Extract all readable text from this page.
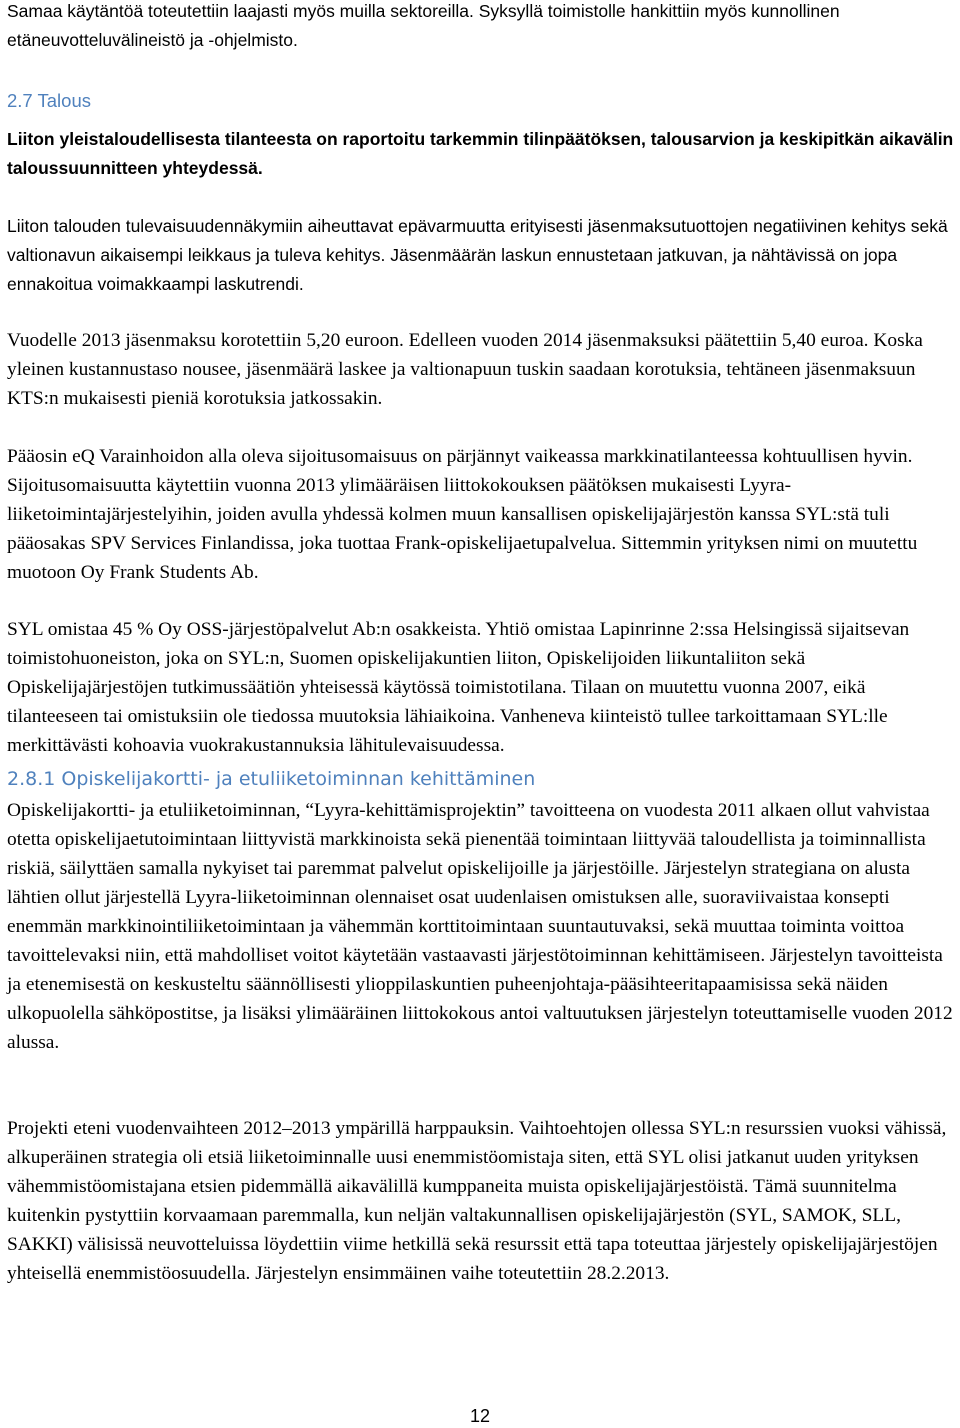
Samaa käytäntöä toteutettiin laajasti myös muilla sektoreilla. Syksyllä toimistolle hankittiin myös kunnollinen etäneuvotteluvälineistö ja -ohjelmisto.

2.7 Talous

Liiton yleistaloudellisesta tilanteesta on raportoitu tarkemmin tilinpäätöksen, talousarvion ja keskipitkän aikavälin taloussuunnitteen yhteydessä.

Liiton talouden tulevaisuudennäkymiin aiheuttavat epävarmuutta erityisesti jäsenmaksutuottojen negatiivinen kehitys sekä valtionavun aikaisempi leikkaus ja tuleva kehitys. Jäsenmäärän laskun ennustetaan jatkuvan, ja nähtävissä on jopa ennakoitua voimakkaampi laskutrendi.

Vuodelle 2013 jäsenmaksu korotettiin 5,20 euroon. Edelleen vuoden 2014 jäsenmaksuksi päätettiin 5,40 euroa. Koska yleinen kustannustaso nousee, jäsenmäärä laskee ja valtionapuun tuskin saadaan korotuksia, tehtäneen jäsenmaksuun KTS:n mukaisesti pieniä korotuksia jatkossakin.

Pääosin eQ Varainhoidon alla oleva sijoitusomaisuus on pärjännyt vaikeassa markkinatilanteessa kohtuullisen hyvin. Sijoitusomaisuutta käytettiin vuonna 2013 ylimääräisen liittokokouksen päätöksen mukaisesti Lyyra-liiketoimintajärjestelyihin, joiden avulla yhdessä kolmen muun kansallisen opiskelijajärjestön kanssa SYL:stä tuli pääosakas SPV Services Finlandissa, joka tuottaa Frank-opiskelijaetupalvelua. Sittemmin yrityksen nimi on muutettu muotoon Oy Frank Students Ab.

SYL omistaa 45 % Oy OSS-järjestöpalvelut Ab:n osakkeista. Yhtiö omistaa Lapinrinne 2:ssa Helsingissä sijaitsevan toimistohuoneiston, joka on SYL:n, Suomen opiskelijakuntien liiton, Opiskelijoiden liikuntaliiton sekä Opiskelijajärjestöjen tutkimussäätiön yhteisessä käytössä toimistotilana. Tilaan on muutettu vuonna 2007, eikä tilanteeseen tai omistuksiin ole tiedossa muutoksia lähiaikoina. Vanheneva kiinteistö tullee tarkoittamaan SYL:lle merkittävästi kohoavia vuokrakustannuksia lähitulevaisuudessa.

2.8.1 Opiskelijakortti- ja etuliiketoiminnan kehittäminen

Opiskelijakortti- ja etuliiketoiminnan, “Lyyra-kehittämisprojektin” tavoitteena on vuodesta 2011 alkaen ollut vahvistaa otetta opiskelijaetutoimintaan liittyvistä markkinoista sekä pienentää toimintaan liittyvää taloudellista ja toiminnallista riskiä, säilyttäen samalla nykyiset tai paremmat palvelut opiskelijoille ja järjestöille. Järjestelyn strategiana on alusta lähtien ollut järjestellä Lyyra-liiketoiminnan olennaiset osat uudenlaisen omistuksen alle, suoraviivaistaa konsepti enemmän markkinointiliiketoimintaan ja vähemmän korttitoimintaan suuntautuvaksi, sekä muuttaa toiminta voittoa tavoittelevaksi niin, että mahdolliset voitot käytetään vastaavasti järjestötoiminnan kehittämiseen. Järjestelyn tavoitteista ja etenemisestä on keskusteltu säännöllisesti ylioppilaskuntien puheenjohtaja-pääsihteeritapaamisissa sekä näiden ulkopuolella sähköpostitse, ja lisäksi ylimääräinen liittokokous antoi valtuutuksen järjestelyn toteuttamiselle vuoden 2012 alussa.

Projekti eteni vuodenvaihteen 2012–2013 ympärillä harppauksin. Vaihtoehtojen ollessa SYL:n resurssien vuoksi vähissä, alkuperäinen strategia oli etsiä liiketoiminnalle uusi enemmistöomistaja siten, että SYL olisi jatkanut uuden yrityksen vähemmistöomistajana etsien pidemmällä aikavälillä kumppaneita muista opiskelijajärjestöistä. Tämä suunnitelma kuitenkin pystyttiin korvaamaan paremmalla, kun neljän valtakunnallisen opiskelijajärjestön (SYL, SAMOK, SLL, SAKKI) välisissä neuvotteluissa löydettiin viime hetkillä sekä resurssit että tapa toteuttaa järjestely opiskelijajärjestöjen yhteisellä enemmistöosuudella. Järjestelyn ensimmäinen vaihe toteutettiin 28.2.2013.

12
